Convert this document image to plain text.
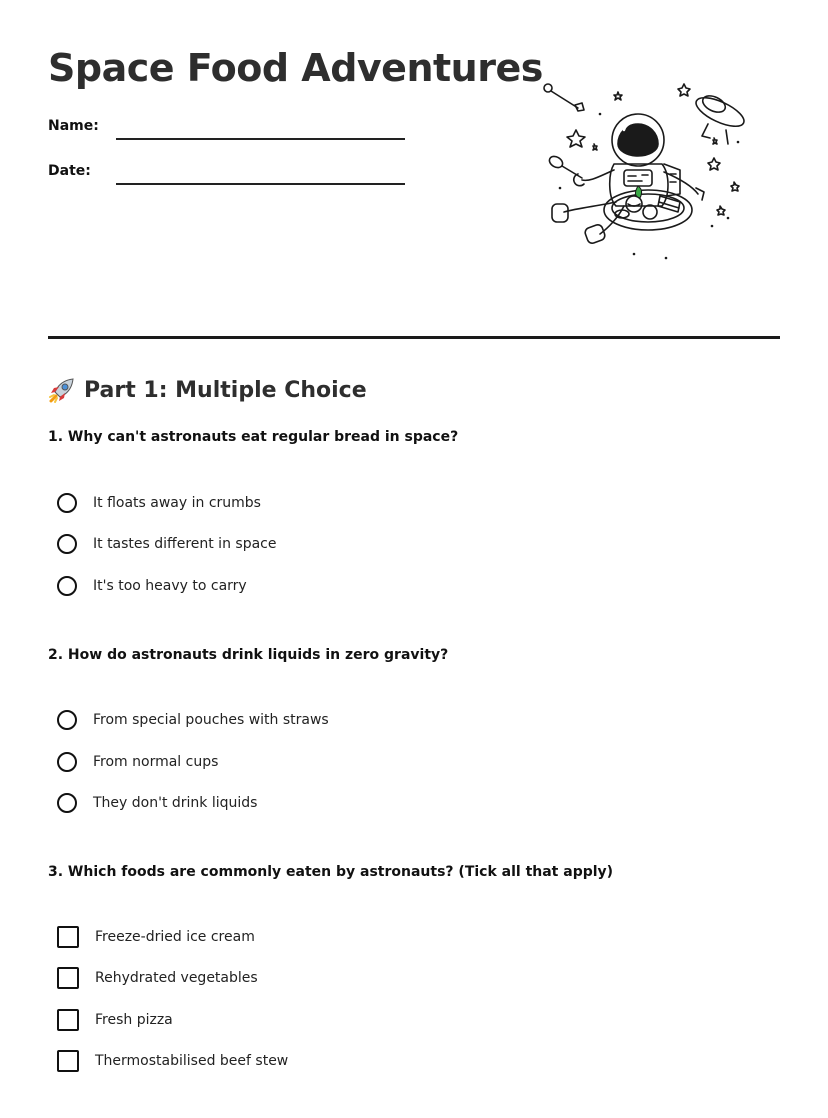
Space Food Adventures
Name:
Date:
Part 1: Multiple Choice
1. Why can't astronauts eat regular bread in space?
It floats away in crumbs
It tastes different in space
It's too heavy to carry
2. How do astronauts drink liquids in zero gravity?
From special pouches with straws
From normal cups
They don't drink liquids
3. Which foods are commonly eaten by astronauts? (Tick all that apply)
Freeze-dried ice cream
Rehydrated vegetables
Fresh pizza
Thermostabilised beef stew
